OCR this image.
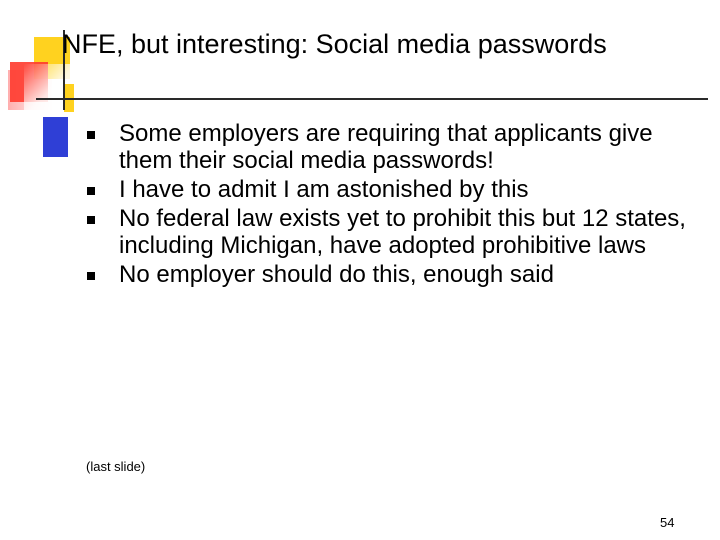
NFE, but interesting: Social media passwords
Some employers are requiring that applicants give them their social media passwords!
I have to admit I am astonished by this
No federal law exists yet to prohibit this but 12 states, including Michigan, have adopted prohibitive laws
No employer should do this, enough said
(last slide)
54
